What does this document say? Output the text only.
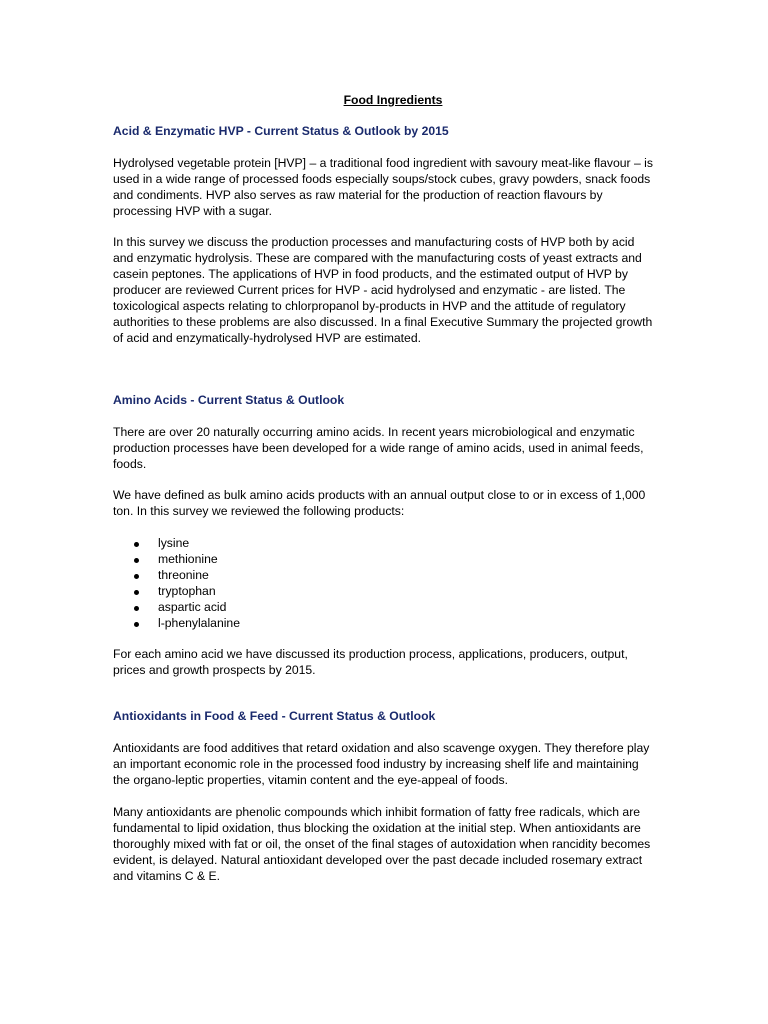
Food Ingredients

Acid & Enzymatic HVP - Current Status & Outlook by 2015

Hydrolysed vegetable protein [HVP] – a traditional food ingredient with savoury meat-like flavour – is used in a wide range of processed foods especially soups/stock cubes, gravy powders, snack foods and condiments. HVP also serves as raw material for the production of reaction flavours by processing HVP with a sugar.

In this survey we discuss the production processes and manufacturing costs of HVP both by acid and enzymatic hydrolysis. These are compared with the manufacturing costs of yeast extracts and casein peptones. The applications of HVP in food products, and the estimated output of HVP by producer are reviewed Current prices for HVP - acid hydrolysed and enzymatic - are listed. The toxicological aspects relating to chlorpropanol by-products in HVP and the attitude of regulatory authorities to these problems are also discussed. In a final Executive Summary the projected growth of acid and enzymatically-hydrolysed HVP are estimated.

Amino Acids - Current Status & Outlook

There are over 20 naturally occurring amino acids. In recent years microbiological and enzymatic production processes have been developed for a wide range of amino acids, used in animal feeds, foods.

We have defined as bulk amino acids products with an annual output close to or in excess of 1,000 ton. In this survey we reviewed the following products:

lysine
methionine
threonine
tryptophan
aspartic acid
l-phenylalanine

For each amino acid we have discussed its production process, applications, producers, output, prices and growth prospects by 2015.

Antioxidants in Food & Feed - Current Status & Outlook

Antioxidants are food additives that retard oxidation and also scavenge oxygen. They therefore play an important economic role in the processed food industry by increasing shelf life and maintaining the organo-leptic properties, vitamin content and the eye-appeal of foods.

Many antioxidants are phenolic compounds which inhibit formation of fatty free radicals, which are fundamental to lipid oxidation, thus blocking the oxidation at the initial step. When antioxidants are thoroughly mixed with fat or oil, the onset of the final stages of autoxidation when rancidity becomes evident, is delayed. Natural antioxidant developed over the past decade included rosemary extract and vitamins C & E.
